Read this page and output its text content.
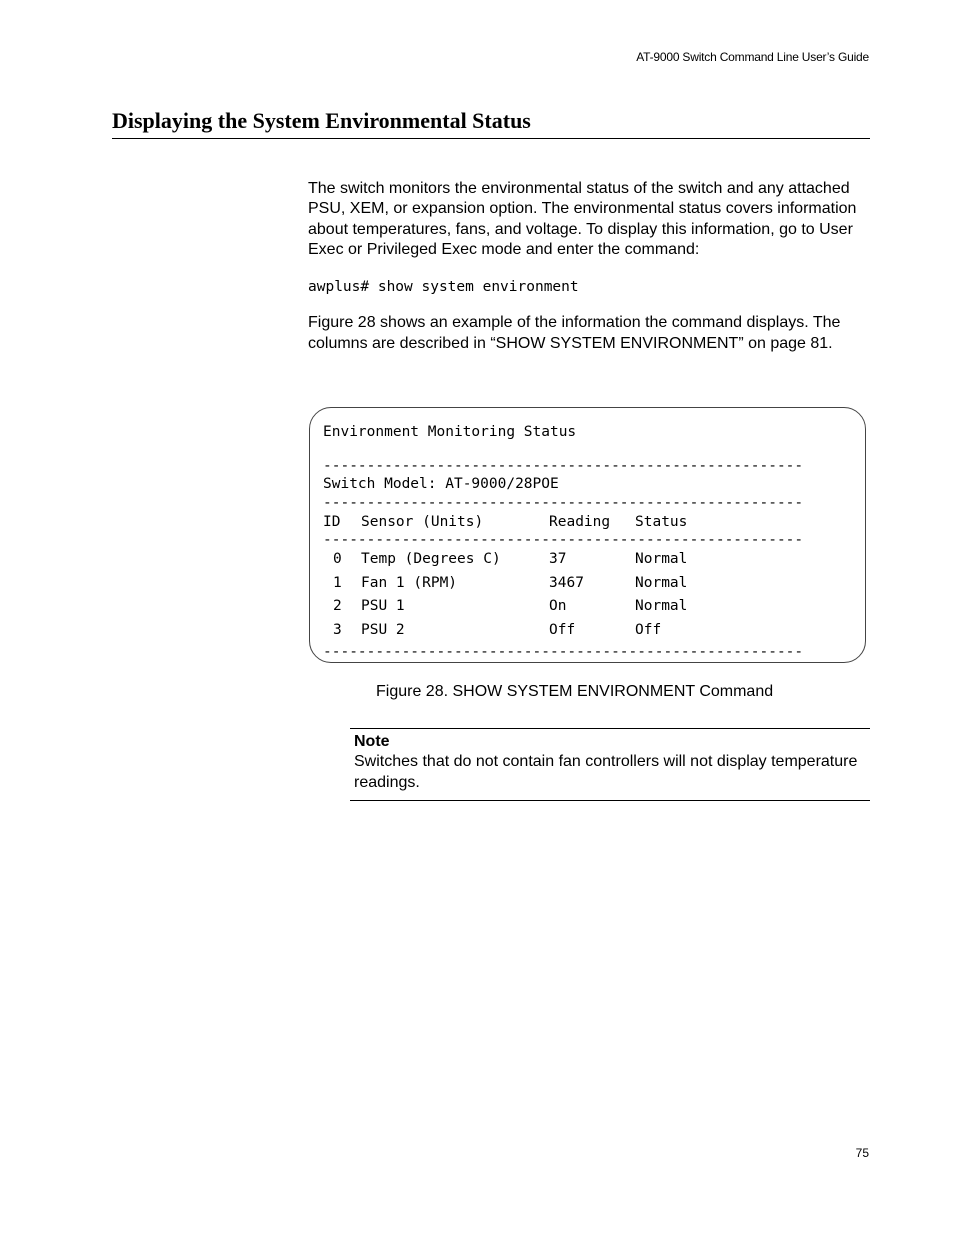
AT-9000 Switch Command Line User’s Guide
Displaying the System Environmental Status

The switch monitors the environmental status of the switch and any attached PSU, XEM, or expansion option. The environmental status covers information about temperatures, fans, and voltage. To display this information, go to User Exec or Privileged Exec mode and enter the command:

awplus# show system environment

Figure 28 shows an example of the information the command displays. The columns are described in “SHOW SYSTEM ENVIRONMENT” on page 81.

Environment Monitoring Status
-------------------------------------------------------
Switch Model: AT-9000/28POE
-------------------------------------------------------
ID Sensor (Units)	Reading Status
-------------------------------------------------------
0 Temp (Degrees C)	37	Normal
1 Fan 1 (RPM)	3467	Normal
2 PSU 1	On	Normal
3 PSU 2	Off	Off
-------------------------------------------------------
Figure 28. SHOW SYSTEM ENVIRONMENT Command
Note
Switches that do not contain fan controllers will not display temperature readings.
75
